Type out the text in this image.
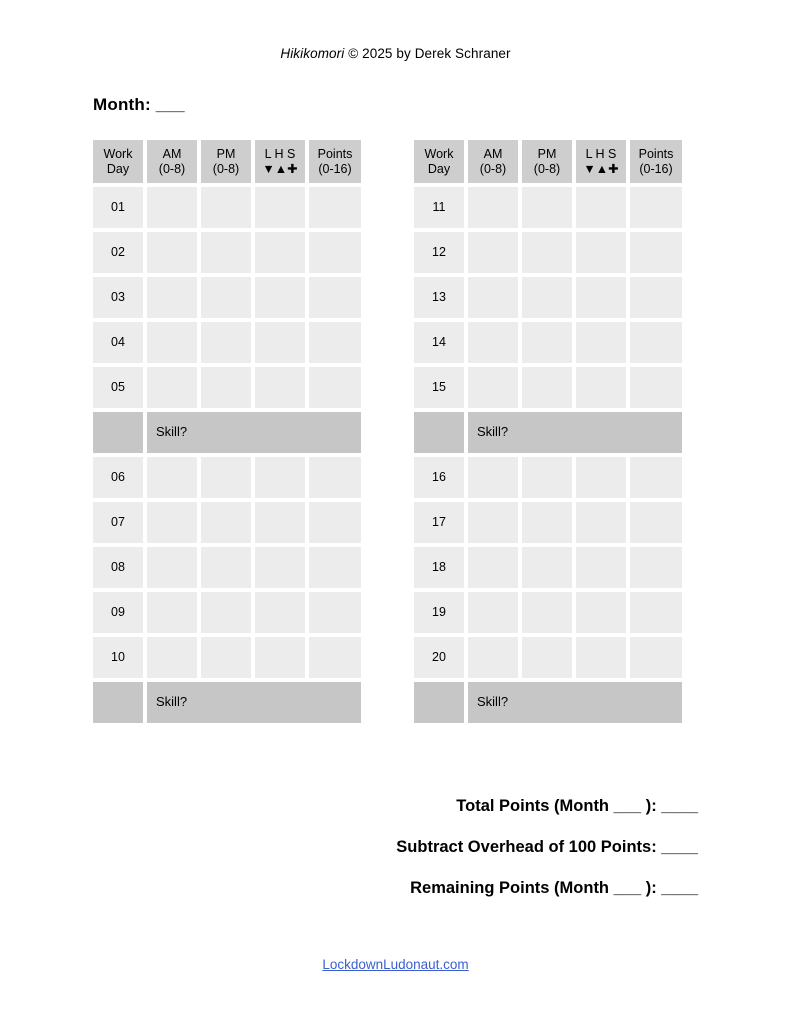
Hikikomori © 2025 by Derek Schraner
Month: ___
Work
Day
AM
(0-8)
PM
(0-8)
L H S
▼▲✚
Points
(0-16)
01
02
03
04
05
Skill?
06
07
08
09
10
Skill?
Work
Day
AM
(0-8)
PM
(0-8)
L H S
▼▲✚
Points
(0-16)
11
12
13
14
15
Skill?
16
17
18
19
20
Skill?
Total Points (Month ___ ): ____
Subtract Overhead of 100 Points: ____
Remaining Points (Month ___ ): ____
LockdownLudonaut.com
